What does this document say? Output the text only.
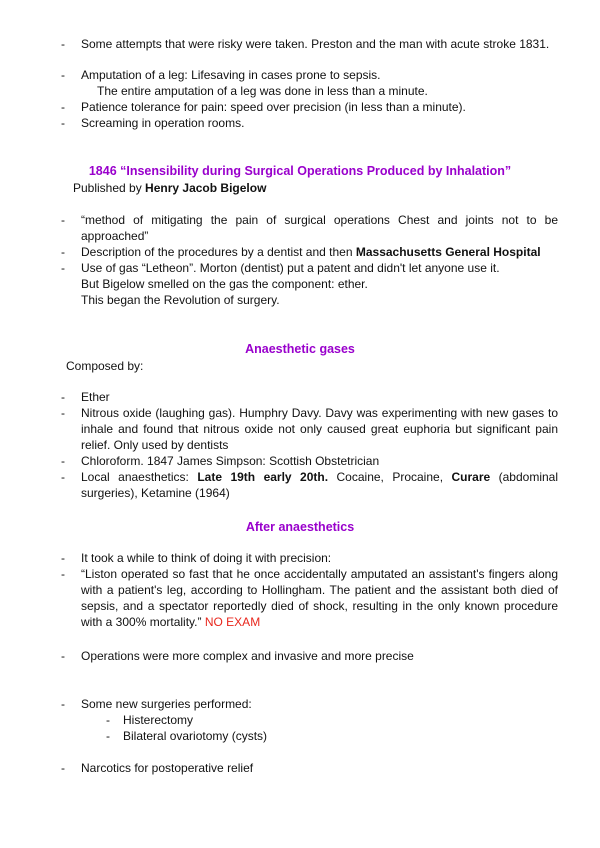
- Some attempts that were risky were taken. Preston and the man with acute stroke 1831.
- Amputation of a leg: Lifesaving in cases prone to sepsis.
The entire amputation of a leg was done in less than a minute.
- Patience tolerance for pain: speed over precision (in less than a minute).
- Screaming in operation rooms.
1846 “Insensibility during Surgical Operations Produced by Inhalation”
Published by Henry Jacob Bigelow
- “method of mitigating the pain of surgical operations Chest and joints not to be
approached”
- Description of the procedures by a dentist and then Massachusetts General Hospital
- Use of gas “Letheon”. Morton (dentist) put a patent and didn't let anyone use it.
But Bigelow smelled on the gas the component: ether.
This began the Revolution of surgery.
Anaesthetic gases
Composed by:
- Ether
- Nitrous oxide (laughing gas). Humphry Davy. Davy was experimenting with new gases to
inhale and found that nitrous oxide not only caused great euphoria but significant pain
relief. Only used by dentists
- Chloroform. 1847 James Simpson: Scottish Obstetrician
- Local anaesthetics: Late 19th early 20th. Cocaine, Procaine, Curare (abdominal
surgeries), Ketamine (1964)
After anaesthetics
- It took a while to think of doing it with precision:
- “Liston operated so fast that he once accidentally amputated an assistant's fingers along
with a patient's leg, according to Hollingham. The patient and the assistant both died of
sepsis, and a spectator reportedly died of shock, resulting in the only known procedure
with a 300% mortality.” NO EXAM
- Operations were more complex and invasive and more precise
- Some new surgeries performed:
- Histerectomy
- Bilateral ovariotomy (cysts)
- Narcotics for postoperative relief
